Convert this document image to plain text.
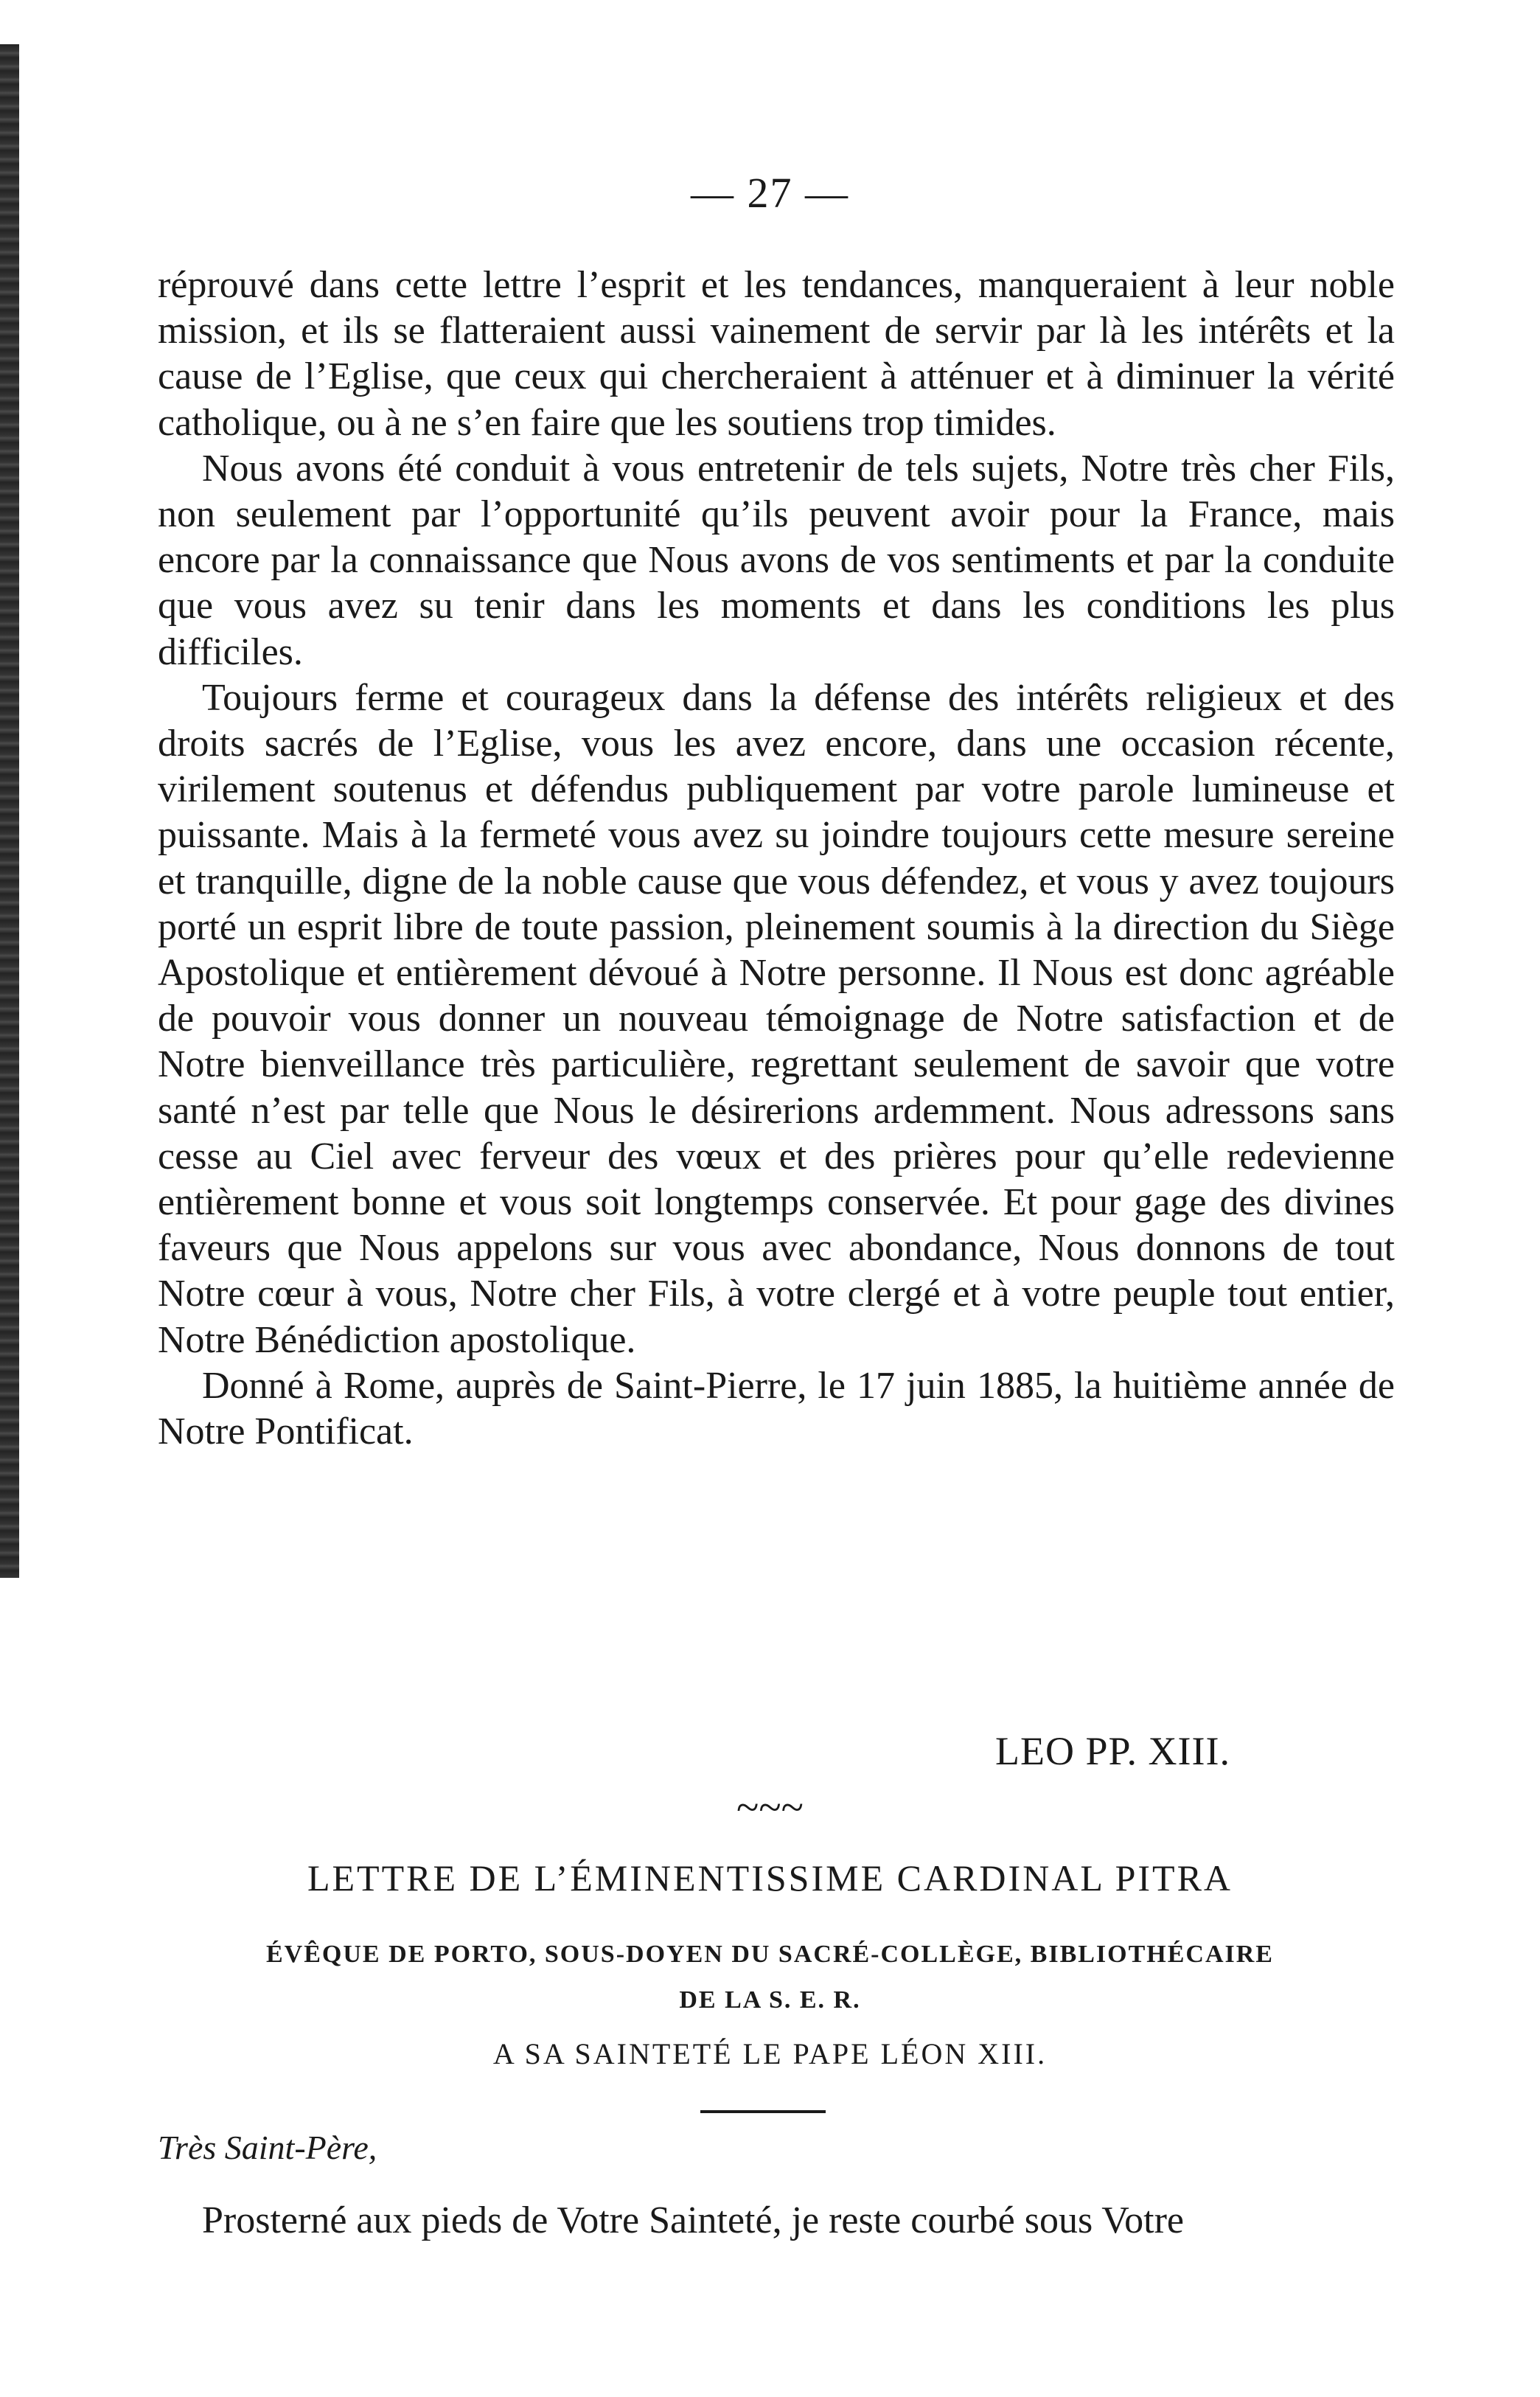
— 27 —

réprouvé dans cette lettre l’esprit et les tendances, manqueraient à leur noble mission, et ils se flatteraient aussi vainement de servir par là les intérêts et la cause de l’Eglise, que ceux qui chercheraient à atténuer et à diminuer la vérité catholique, ou à ne s’en faire que les soutiens trop timides.

Nous avons été conduit à vous entretenir de tels sujets, Notre très cher Fils, non seulement par l’opportunité qu’ils peuvent avoir pour la France, mais encore par la connaissance que Nous avons de vos sentiments et par la conduite que vous avez su tenir dans les moments et dans les conditions les plus difficiles.

Toujours ferme et courageux dans la défense des intérêts religieux et des droits sacrés de l’Eglise, vous les avez encore, dans une occasion récente, virilement soutenus et défendus publiquement par votre parole lumineuse et puissante. Mais à la fermeté vous avez su joindre toujours cette mesure sereine et tranquille, digne de la noble cause que vous défendez, et vous y avez toujours porté un esprit libre de toute passion, pleinement soumis à la direction du Siège Apostolique et entièrement dévoué à Notre personne. Il Nous est donc agréable de pouvoir vous donner un nouveau témoignage de Notre satisfaction et de Notre bienveillance très particulière, regrettant seulement de savoir que votre santé n’est par telle que Nous le désirerions ardemment. Nous adressons sans cesse au Ciel avec ferveur des vœux et des prières pour qu’elle redevienne entièrement bonne et vous soit longtemps conservée. Et pour gage des divines faveurs que Nous appelons sur vous avec abondance, Nous donnons de tout Notre cœur à vous, Notre cher Fils, à votre clergé et à votre peuple tout entier, Notre Bénédiction apostolique.

Donné à Rome, auprès de Saint-Pierre, le 17 juin 1885, la huitième année de Notre Pontificat.

LEO PP. XIII.
~~~
LETTRE DE L’ÉMINENTISSIME CARDINAL PITRA
ÉVÊQUE DE PORTO, SOUS-DOYEN DU SACRÉ-COLLÈGE, BIBLIOTHÉCAIRE
DE LA S. E. R.
A SA SAINTETÉ LE PAPE LÉON XIII.
Très Saint-Père,
Prosterné aux pieds de Votre Sainteté, je reste courbé sous Votre
